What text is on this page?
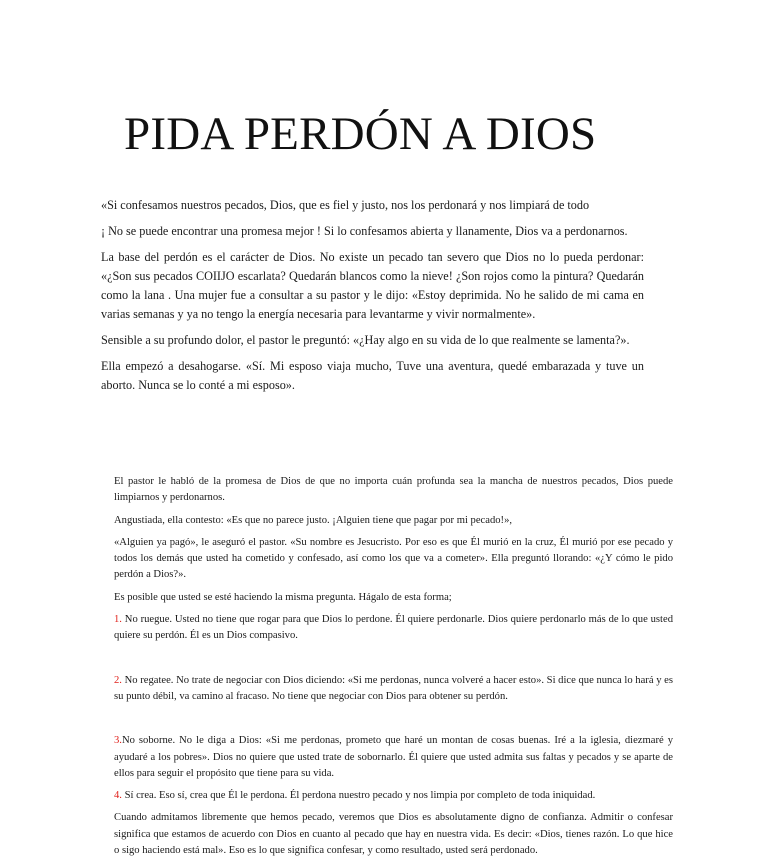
PIDA PERDÓN A DIOS

«Si confesamos nuestros pecados, Dios, que es fiel y justo, nos los perdonará y nos limpiará de todo

¡ No se puede encontrar una promesa mejor ! Si lo confesamos abierta y llanamente, Dios va a perdonarnos.

La base del perdón es el carácter de Dios. No existe un pecado tan severo que Dios no lo pueda perdonar: «¿Son sus pecados COIIJO escarlata? Quedarán blancos como la nieve! ¿Son rojos como la pintura? Quedarán como la lana . Una mujer fue a consultar a su pastor y le dijo: «Estoy deprimida. No he salido de mi cama en varias semanas y ya no tengo la energía necesaria para levantarme y vivir normalmente».

Sensible a su profundo dolor, el pastor le preguntó: «¿Hay algo en su vida de lo que realmente se lamenta?».

Ella empezó a desahogarse. «Sí. Mi esposo viaja mucho, Tuve una aventura, quedé embarazada y tuve un aborto. Nunca se lo conté a mi esposo».

El pastor le habló de la promesa de Dios de que no importa cuán profunda sea la mancha de nuestros pecados, Dios puede limpiarnos y perdonarnos.

Angustiada, ella contesto: «Es que no parece justo. ¡Alguien tiene que pagar por mi pecado!»,

«Alguien ya pagó», le aseguró el pastor. «Su nombre es Jesucristo. Por eso es que Él murió en la cruz, Él murió por ese pecado y todos los demás que usted ha cometido y confesado, así como los que va a cometer». Ella preguntó llorando: «¿Y cómo le pido perdón a Dios?».

Es posible que usted se esté haciendo la misma pregunta. Hágalo de esta forma;

1. No ruegue. Usted no tiene que rogar para que Dios lo perdone. Él quiere perdonarle. Dios quiere perdonarlo más de lo que usted quiere su perdón. Él es un Dios compasivo.

2. No regatee. No trate de negociar con Dios diciendo: «Si me perdonas, nunca volveré a hacer esto». Si dice que nunca lo hará y es su punto débil, va camino al fracaso. No tiene que negociar con Dios para obtener su perdón.

3.No soborne. No le diga a Dios: «Si me perdonas, prometo que haré un montan de cosas buenas. Iré a la iglesia, diezmaré y ayudaré a los pobres». Dios no quiere que usted trate de sobornarlo. Él quiere que usted admita sus faltas y pecados y se aparte de ellos para seguir el propósito que tiene para su vida.

4. Sí crea. Eso sí, crea que Él le perdona. Él perdona nuestro pecado y nos limpia por completo de toda iniquidad.

Cuando admitamos libremente que hemos pecado, veremos que Dios es absolutamente digno de confianza. Admitir o confesar significa que estamos de acuerdo con Dios en cuanto al pecado que hay en nuestra vida. Es decir: «Dios, tienes razón. Lo que hice o sigo haciendo está mal». Eso es lo que significa confesar, y como resultado, usted será perdonado.
